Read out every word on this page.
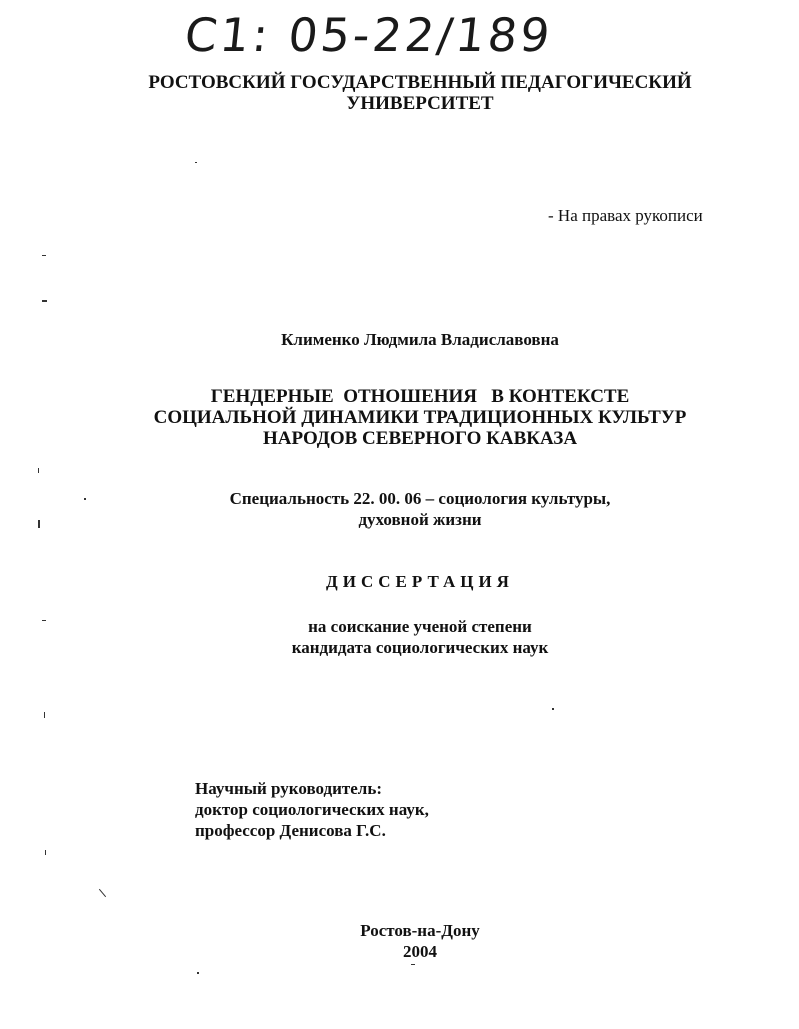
С1: 05-22/189
РОСТОВСКИЙ ГОСУДАРСТВЕННЫЙ ПЕДАГОГИЧЕСКИЙ
УНИВЕРСИТЕТ
- На правах рукописи
Клименко Людмила Владиславовна
ГЕНДЕРНЫЕ  ОТНОШЕНИЯ   В КОНТЕКСТЕ
СОЦИАЛЬНОЙ ДИНАМИКИ ТРАДИЦИОННЫХ КУЛЬТУР
НАРОДОВ СЕВЕРНОГО КАВКАЗА
Специальность 22. 00. 06 – социология культуры,
духовной жизни
ДИССЕРТАЦИЯ
на соискание ученой степени
кандидата социологических наук
Научный руководитель:
доктор социологических наук,
профессор Денисова Г.С.
Ростов-на-Дону
2004
